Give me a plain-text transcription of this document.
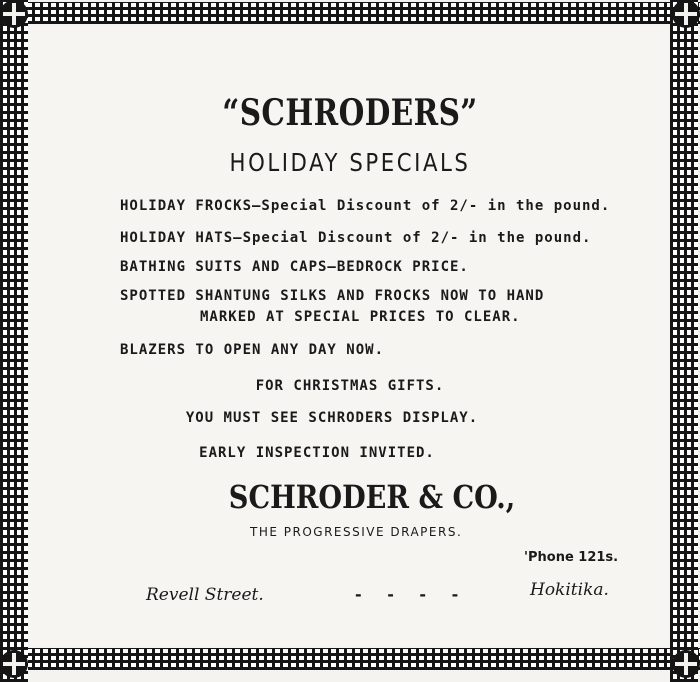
“SCHRODERS”
HOLIDAY SPECIALS
HOLIDAY FROCKS—Special Discount of 2/- in the pound.
HOLIDAY HATS—Special Discount of 2/- in the pound.
BATHING SUITS AND CAPS—BEDROCK PRICE.
SPOTTED SHANTUNG SILKS AND FROCKS NOW TO HAND
MARKED AT SPECIAL PRICES TO CLEAR.
BLAZERS TO OPEN ANY DAY NOW.
FOR CHRISTMAS GIFTS.
YOU MUST SEE SCHRODERS DISPLAY.
EARLY INSPECTION INVITED.
SCHRODER & CO.,
THE PROGRESSIVE DRAPERS.
'Phone 121s.
Revell Street.	- - - -	Hokitika.
